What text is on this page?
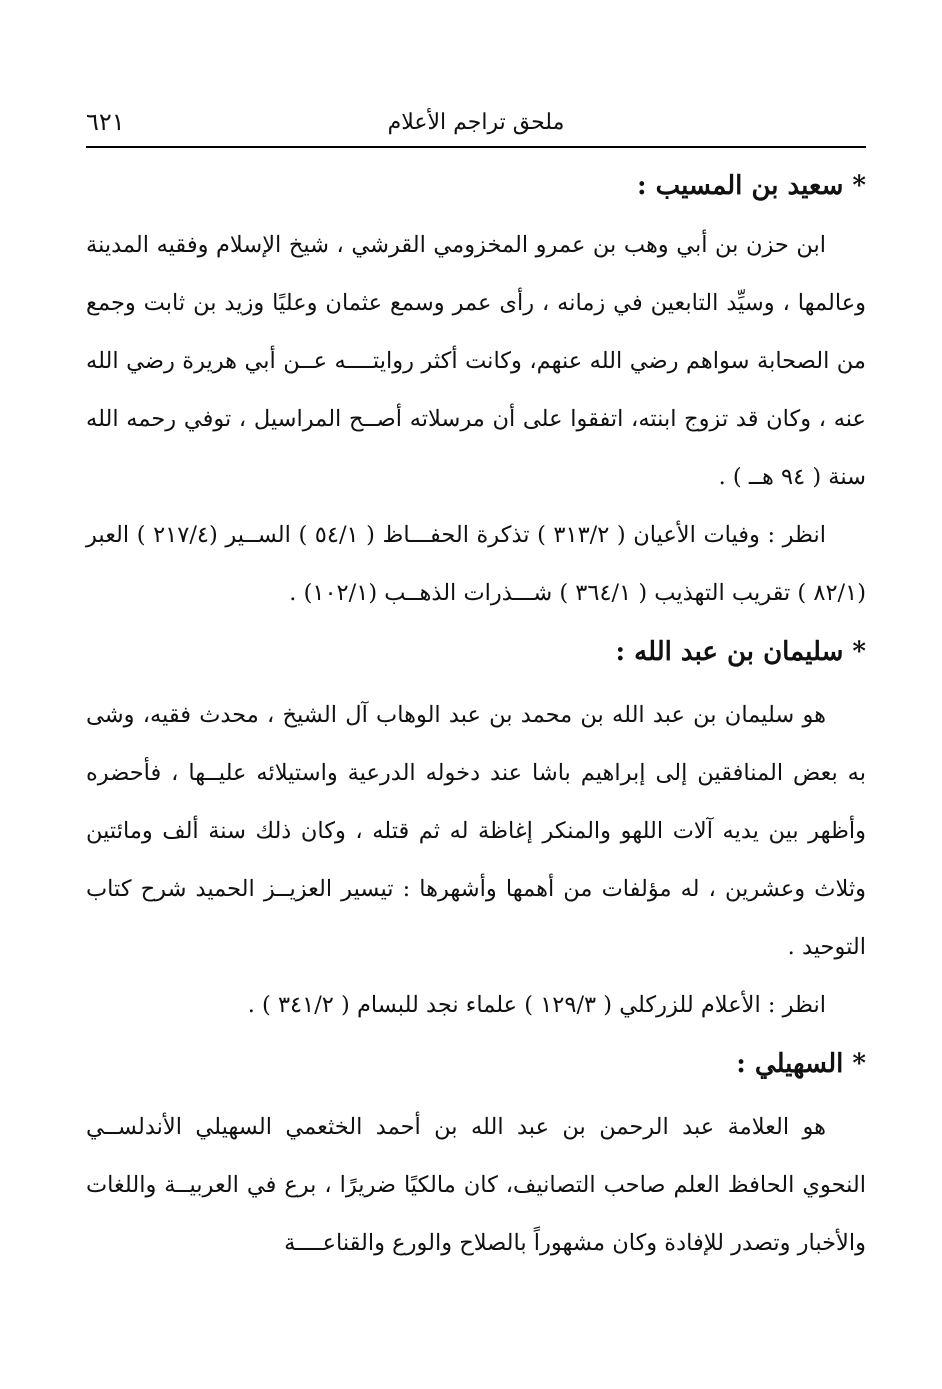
ملحق تراجم الأعلام
٦٢١
* سعيد بن المسيب :

ابن حزن بن أبي وهب بن عمرو المخزومي القرشي ، شيخ الإسلام وفقيه المدينة وعالمها ، وسيِّد التابعين في زمانه ، رأى عمر وسمع عثمان وعليًا وزيد بن ثابت وجمع من الصحابة سواهم رضي الله عنهم، وكانت أكثر روايتــــه عــن أبي هريرة رضي الله عنه ، وكان قد تزوج ابنته، اتفقوا على أن مرسلاته أصــح المراسيل ، توفي رحمه الله سنة ( ٩٤ هــ ) .

انظر : وفيات الأعيان ( ٣١٣/٢ ) تذكرة الحفـــاظ ( ٥٤/١ ) الســير (٢١٧/٤ ) العبر (٨٢/١ ) تقريب التهذيب ( ٣٦٤/١ ) شـــذرات الذهــب (١٠٢/١) .

* سليمان بن عبد الله :

هو سليمان بن عبد الله بن محمد بن عبد الوهاب آل الشيخ ، محدث فقيه، وشى به بعض المنافقين إلى إبراهيم باشا عند دخوله الدرعية واستيلائه عليــها ، فأحضره وأظهر بين يديه آلات اللهو والمنكر إغاظة له ثم قتله ، وكان ذلك سنة ألف ومائتين وثلاث وعشرين ، له مؤلفات من أهمها وأشهرها : تيسير العزيــز الحميد شرح كتاب التوحيد .

انظر : الأعلام للزركلي ( ١٢٩/٣ ) علماء نجد للبسام ( ٣٤١/٢ ) .

* السهيلي :

هو العلامة عبد الرحمن بن عبد الله بن أحمد الخثعمي السهيلي الأندلســي النحوي الحافظ العلم صاحب التصانيف، كان مالكيًا ضريرًا ، برع في العربيــة واللغات والأخبار وتصدر للإفادة وكان مشهوراً بالصلاح والورع والقناعــــة
